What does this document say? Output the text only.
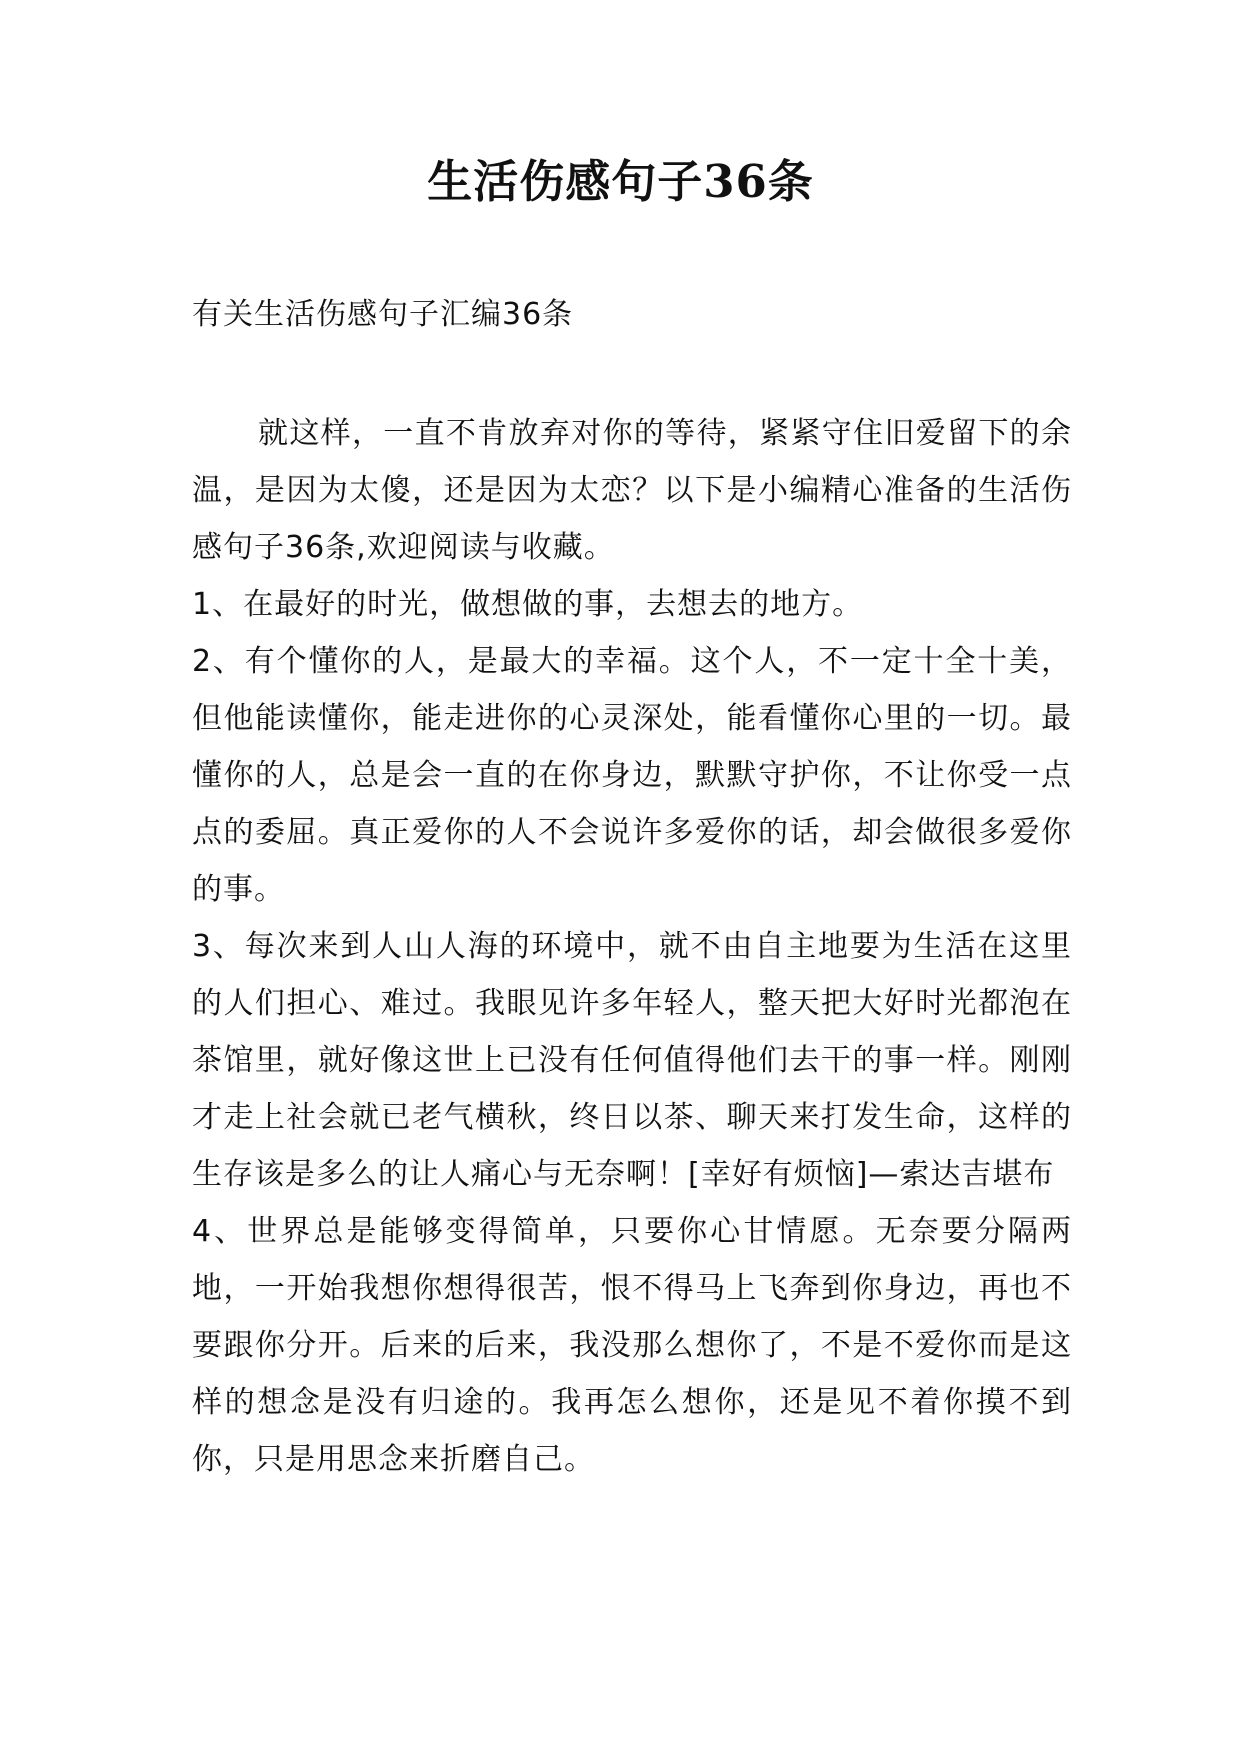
生活伤感句子36条

有关生活伤感句子汇编36条

就这样，一直不肯放弃对你的等待，紧紧守住旧爱留下的余温，是因为太傻，还是因为太恋？以下是小编精心准备的生活伤感句子36条,欢迎阅读与收藏。

1、在最好的时光，做想做的事，去想去的地方。

2、有个懂你的人，是最大的幸福。这个人，不一定十全十美，但他能读懂你，能走进你的心灵深处，能看懂你心里的一切。最懂你的人，总是会一直的在你身边，默默守护你，不让你受一点点的委屈。真正爱你的人不会说许多爱你的话，却会做很多爱你的事。

3、每次来到人山人海的环境中，就不由自主地要为生活在这里的人们担心、难过。我眼见许多年轻人，整天把大好时光都泡在茶馆里，就好像这世上已没有任何值得他们去干的事一样。刚刚才走上社会就已老气横秋，终日以茶、聊天来打发生命，这样的生存该是多么的让人痛心与无奈啊！[幸好有烦恼]—索达吉堪布

4、世界总是能够变得简单，只要你心甘情愿。无奈要分隔两地，一开始我想你想得很苦，恨不得马上飞奔到你身边，再也不要跟你分开。后来的后来，我没那么想你了，不是不爱你而是这样的想念是没有归途的。我再怎么想你，还是见不着你摸不到你，只是用思念来折磨自己。
